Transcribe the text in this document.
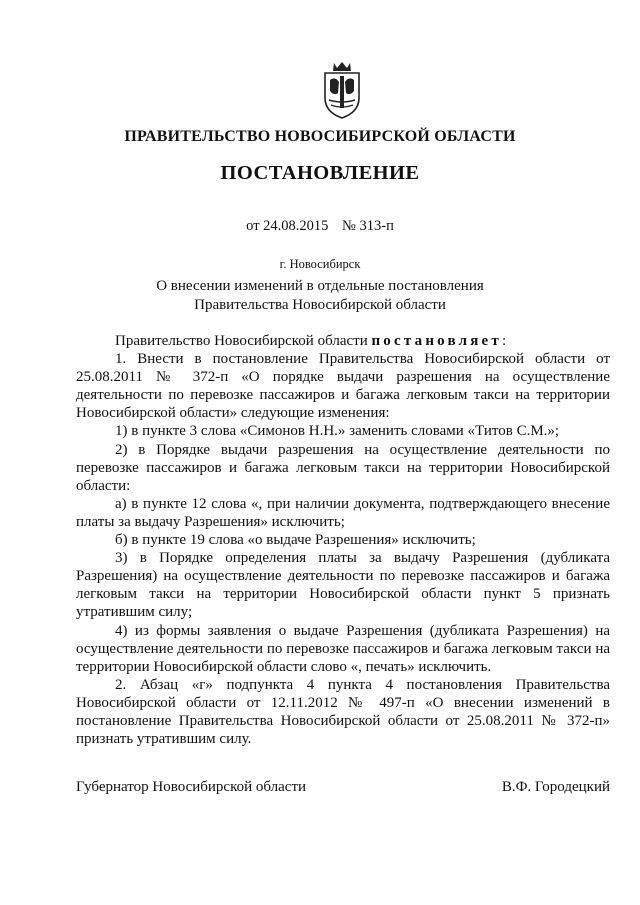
ПРАВИТЕЛЬСТВО НОВОСИБИРСКОЙ ОБЛАСТИ
ПОСТАНОВЛЕНИЕ
от 24.08.2015 № 313-п
г. Новосибирск
О внесении изменений в отдельные постановления
Правительства Новосибирской области

Правительство Новосибирской области постановляет:

1. Внести в постановление Правительства Новосибирской области от 25.08.2011 № 372-п «О порядке выдачи разрешения на осуществление деятельности по перевозке пассажиров и багажа легковым такси на территории Новосибирской области» следующие изменения:

1) в пункте 3 слова «Симонов Н.Н.» заменить словами «Титов С.М.»;

2) в Порядке выдачи разрешения на осуществление деятельности по перевозке пассажиров и багажа легковым такси на территории Новосибирской области:

а) в пункте 12 слова «, при наличии документа, подтверждающего внесение платы за выдачу Разрешения» исключить;

б) в пункте 19 слова «о выдаче Разрешения» исключить;

3) в Порядке определения платы за выдачу Разрешения (дубликата Разрешения) на осуществление деятельности по перевозке пассажиров и багажа легковым такси на территории Новосибирской области пункт 5 признать утратившим силу;

4) из формы заявления о выдаче Разрешения (дубликата Разрешения) на осуществление деятельности по перевозке пассажиров и багажа легковым такси на территории Новосибирской области слово «, печать» исключить.

2. Абзац «г» подпункта 4 пункта 4 постановления Правительства Новосибирской области от 12.11.2012 № 497-п «О внесении изменений в постановление Правительства Новосибирской области от 25.08.2011 № 372-п» признать утратившим силу.

Губернатор Новосибирской области	В.Ф. Городецкий
